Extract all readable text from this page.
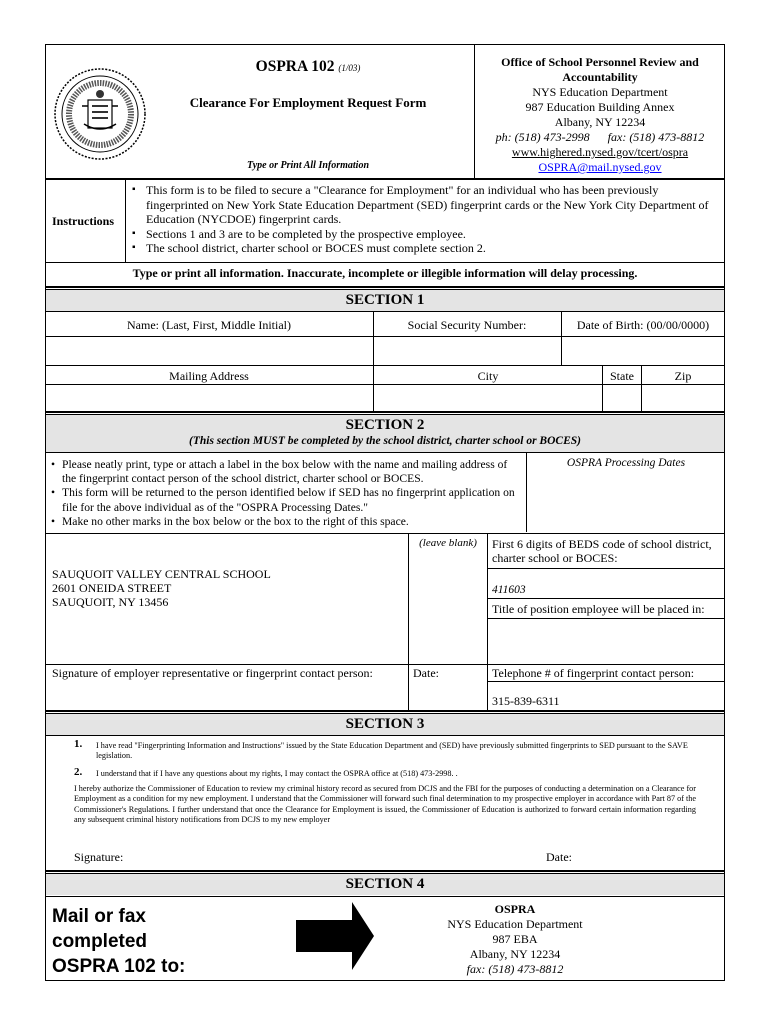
OSPRA 102 (1/03)
Clearance For Employment Request Form
Type or Print All Information
Office of School Personnel Review and Accountability
NYS Education Department
987 Education Building Annex
Albany, NY 12234
ph: (518) 473-2998      fax: (518) 473-8812
www.highered.nysed.gov/tcert/ospra
OSPRA@mail.nysed.gov
Instructions
▪ This form is to be filed to secure a "Clearance for Employment" for an individual who has been previously fingerprinted on New York State Education Department (SED) fingerprint cards or the New York City Department of Education (NYCDOE) fingerprint cards.
▪ Sections 1 and 3 are to be completed by the prospective employee.
▪ The school district, charter school or BOCES must complete section 2.
Type or print all information. Inaccurate, incomplete or illegible information will delay processing.
SECTION 1
Name: (Last, First, Middle Initial)	Social Security Number:	Date of Birth: (00/00/0000)
Mailing Address	City	State	Zip
SECTION 2
(This section MUST be completed by the school district, charter school or BOCES)
• Please neatly print, type or attach a label in the box below with the name and mailing address of the fingerprint contact person of the school district, charter school or BOCES.
• This form will be returned to the person identified below if SED has no fingerprint application on file for the above individual as of the "OSPRA Processing Dates."
• Make no other marks in the box below or the box to the right of this space.
OSPRA Processing Dates
(leave blank)
SAUQUOIT VALLEY CENTRAL SCHOOL
2601 ONEIDA STREET
SAUQUOIT, NY 13456
First 6 digits of BEDS code of school district, charter school or BOCES:
411603
Title of position employee will be placed in:
Signature of employer representative or fingerprint contact person:	Date:	Telephone # of fingerprint contact person:
315-839-6311
SECTION 3
1. I have read "Fingerprinting Information and Instructions" issued by the State Education Department and (SED) have previously submitted fingerprints to SED pursuant to the SAVE legislation.
2. I understand that if I have any questions about my rights, I may contact the OSPRA office at (518) 473-2998. .
I hereby authorize the Commissioner of Education to review my criminal history record as secured from DCJS and the FBI for the purposes of conducting a determination on a Clearance for Employment as a condition for my new employment. I understand that the Commissioner will forward such final determination to my prospective employer in accordance with Part 87 of the Commissioner's Regulations. I further understand that once the Clearance for Employment is issued, the Commissioner of Education is authorized to forward certain information regarding any subsequent criminal history notifications from DCJS to my new employer
Signature:	Date:
SECTION 4
Mail or fax
completed
OSPRA 102 to:
OSPRA
NYS Education Department
987 EBA
Albany, NY 12234
fax: (518) 473-8812
